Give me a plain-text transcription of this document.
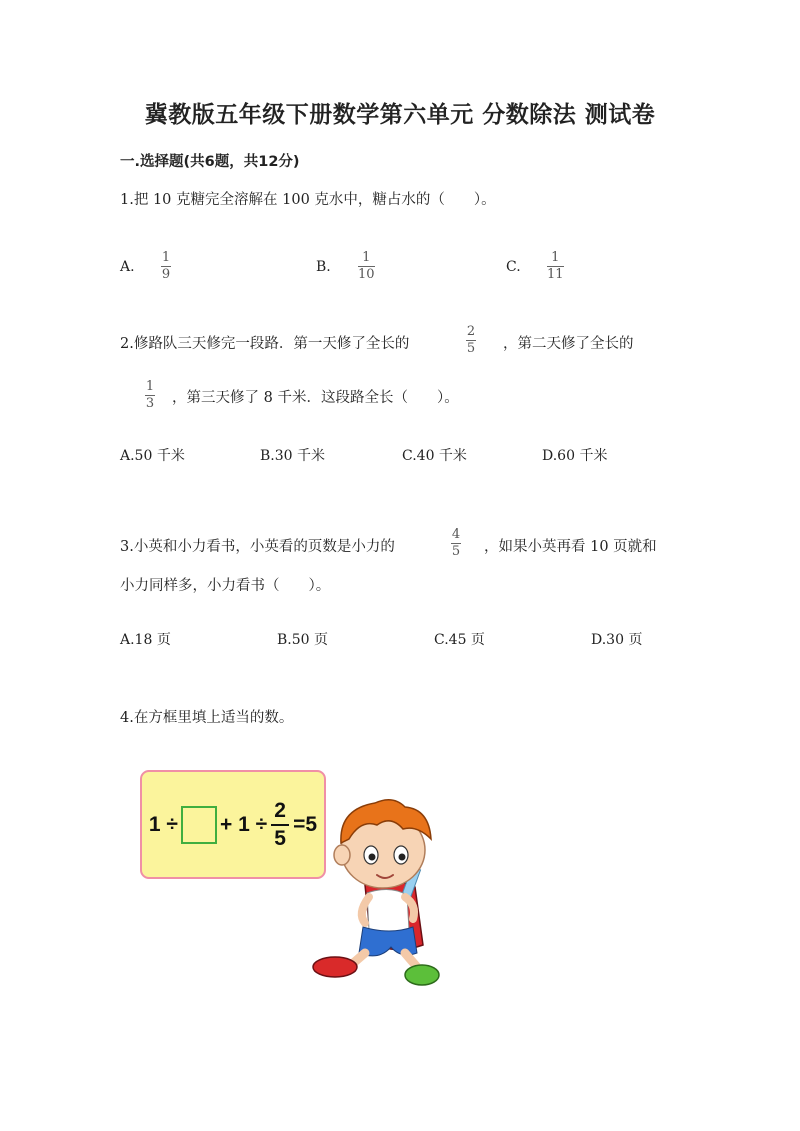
冀教版五年级下册数学第六单元 分数除法 测试卷
一.选择题(共6题，共12分)
1.把 10 克糖完全溶解在 100 克水中，糖占水的（　　）。
A.
1
9	B.
1
10	C.
1
11
2.修路队三天修完一段路．第一天修了全长的
2
5 ，第二天修了全长的
1
3 ，第三天修了 8 千米．这段路全长（　　）。
A.50 千米	B.30 千米	C.40 千米	D.60 千米
3.小英和小力看书，小英看的页数是小力的
4
5 ，如果小英再看 10 页就和
小力同样多，小力看书（　　）。
A.18 页	B.50 页	C.45 页	D.30 页
4.在方框里填上适当的数。
1 ÷ + 1 ÷
2
5
=5
